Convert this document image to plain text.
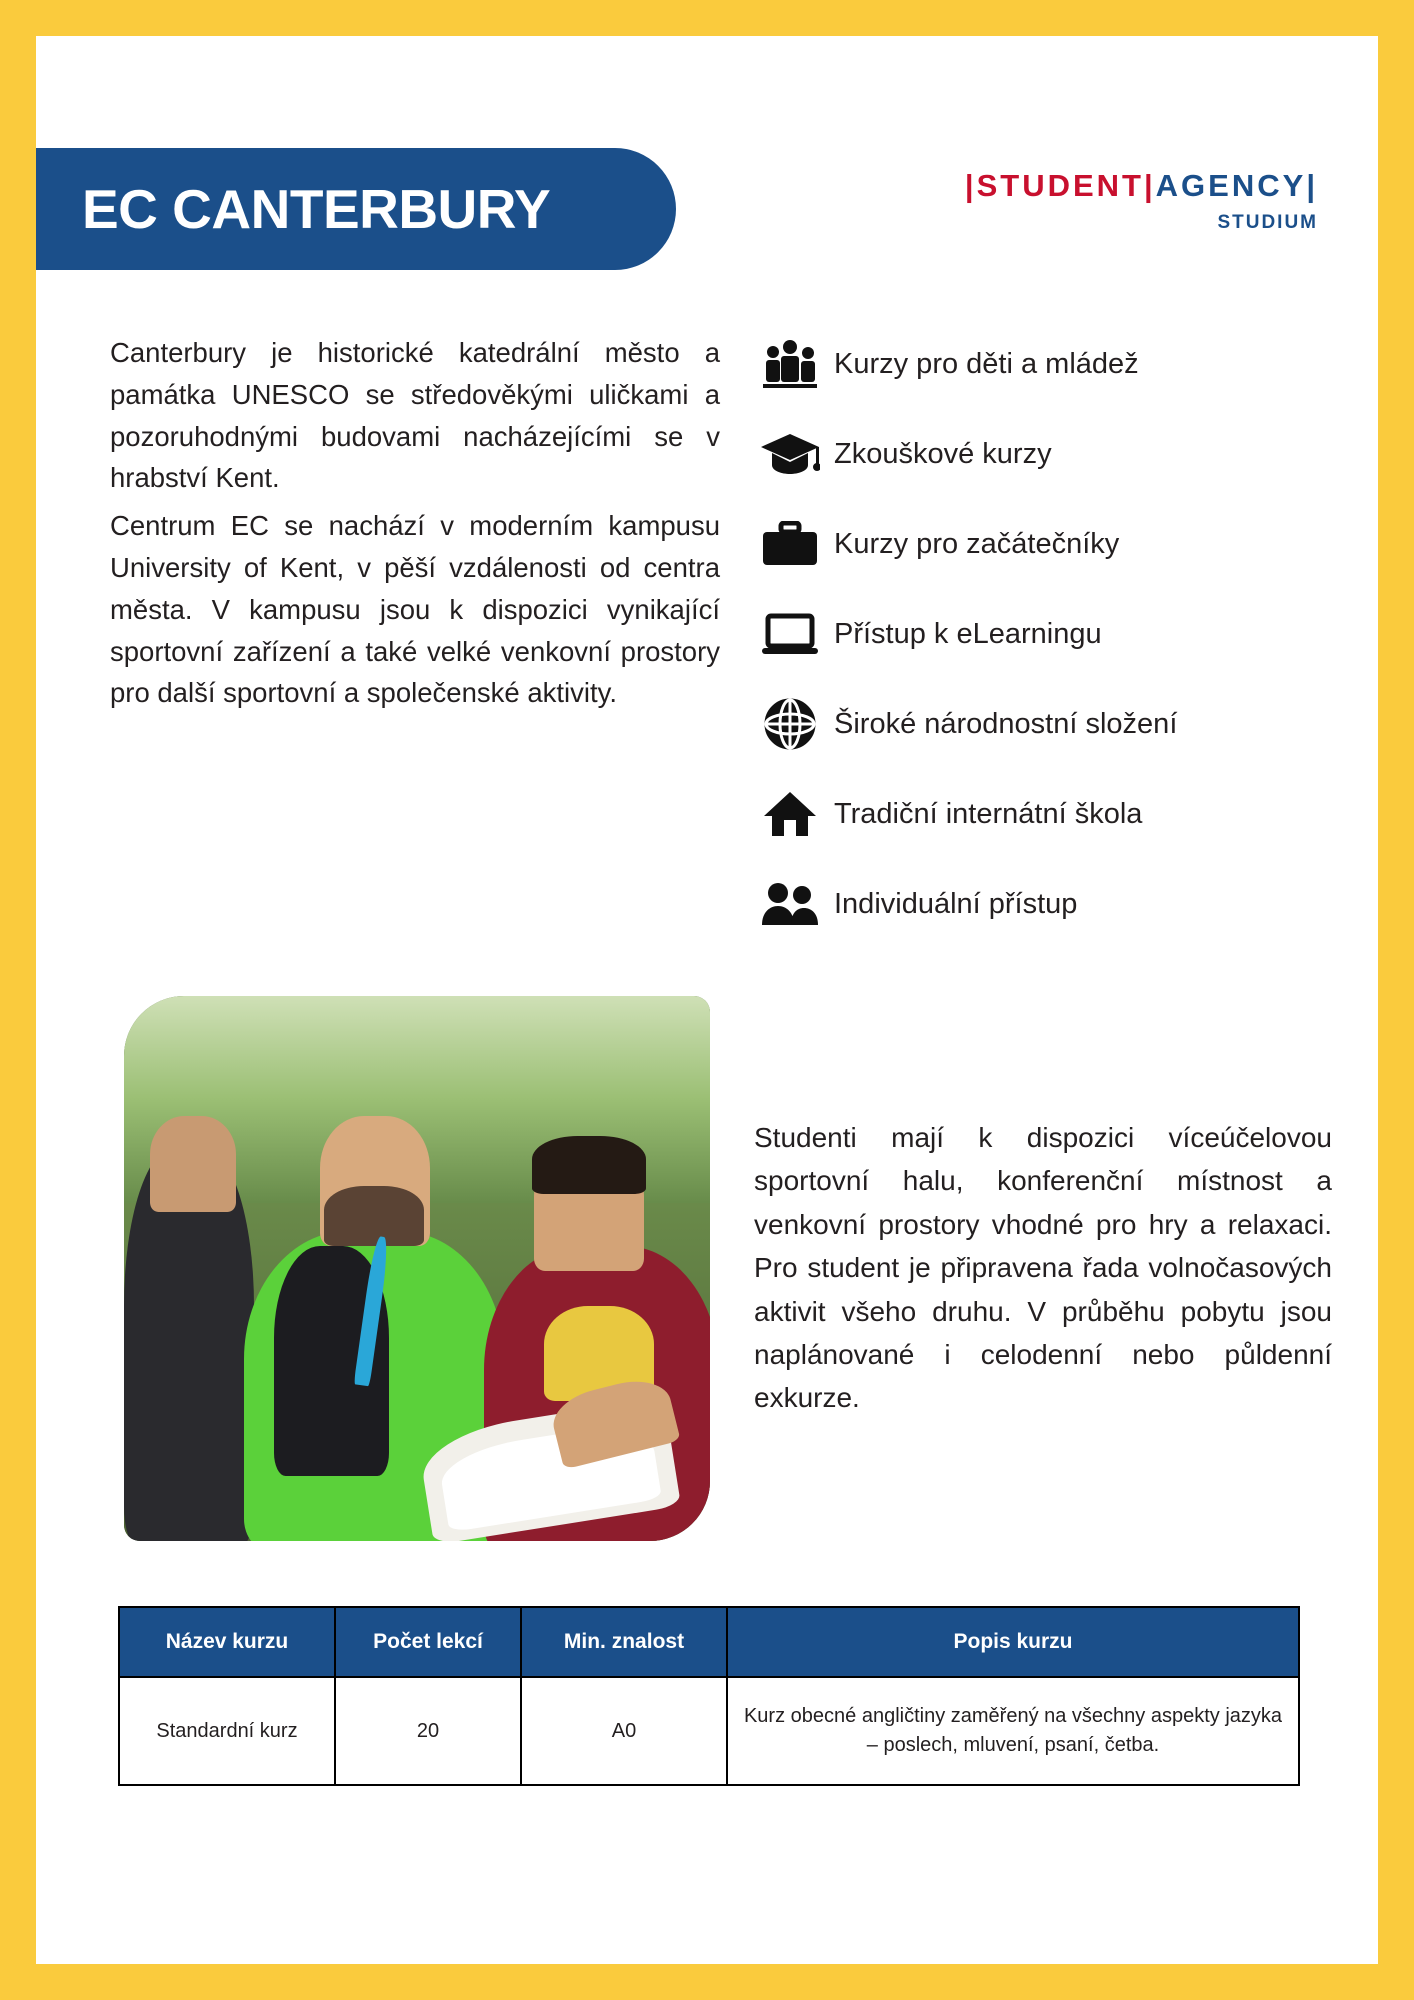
EC CANTERBURY	|STUDENT|AGENCY|
STUDIUM

Canterbury je historické katedrální město a památka UNESCO se středověkými uličkami a pozoruhodnými budovami nacházejícími se v hrabství Kent.

Centrum EC se nachází v moderním kampusu University of Kent, v pěší vzdálenosti od centra města. V kampusu jsou k dispozici vynikající sportovní zařízení a také velké venkovní prostory pro další sportovní a společenské aktivity.

Kurzy pro děti a mládež
Zkouškové kurzy
Kurzy pro začátečníky
Přístup k eLearningu
Široké národnostní složení
Tradiční internátní škola
Individuální přístup
Studenti mají k dispozici víceúčelovou sportovní halu, konferenční místnost a venkovní prostory vhodné pro hry a relaxaci. Pro student je připravena řada volnočasových aktivit všeho druhu. V průběhu pobytu jsou naplánované i celodenní nebo půldenní exkurze.
Název kurzu	Počet lekcí	Min. znalost	Popis kurzu
Standardní kurz	20	A0	Kurz obecné angličtiny zaměřený na všechny aspekty jazyka – poslech, mluvení, psaní, četba.
